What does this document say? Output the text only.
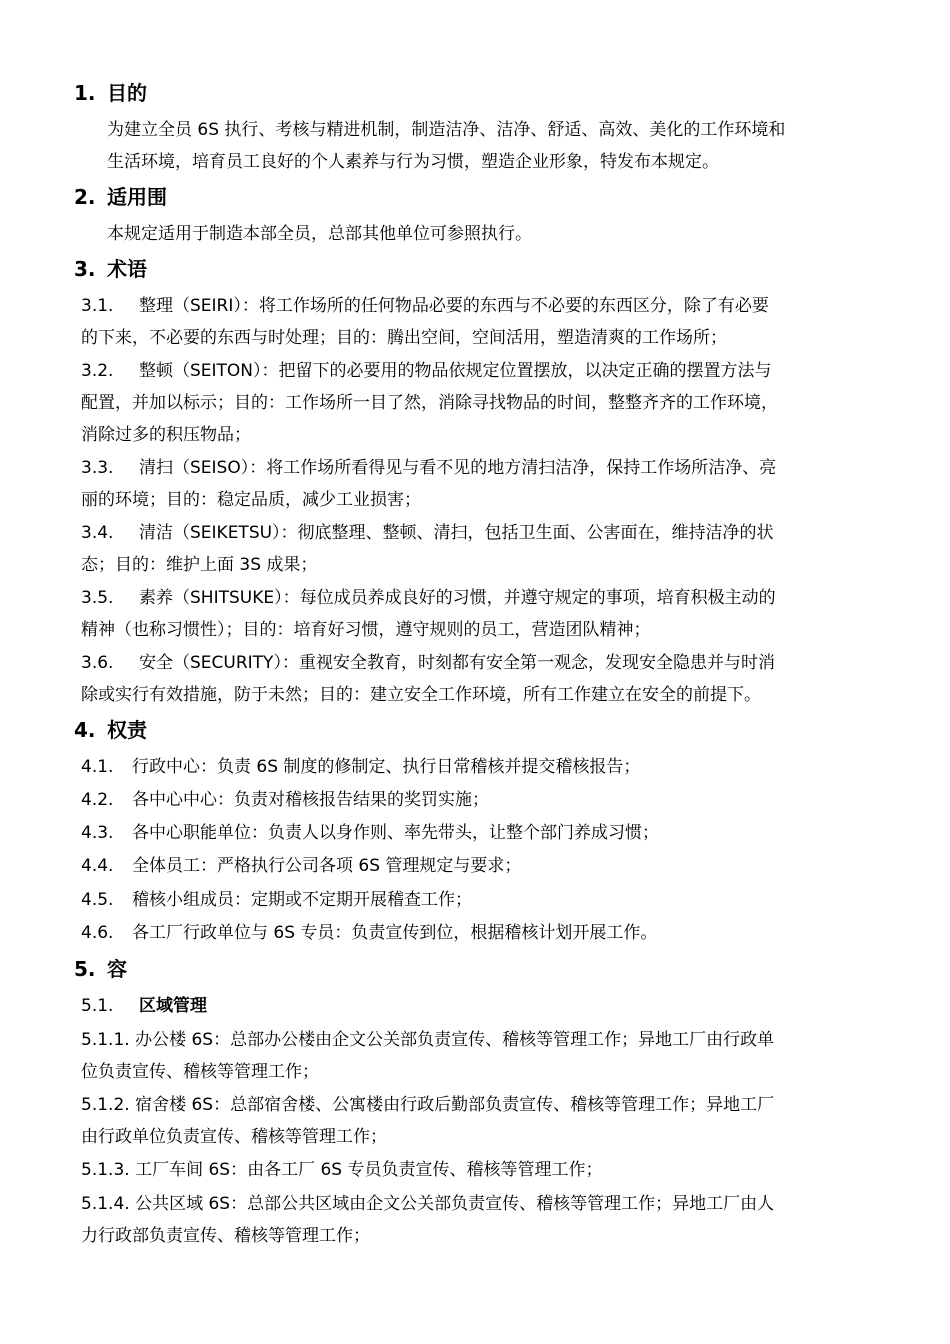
1. 目的
为建立全员 6S 执行、考核与精进机制，制造洁净、洁净、舒适、高效、美化的工作环境和
生活环境，培育员工良好的个人素养与行为习惯，塑造企业形象，特发布本规定。
2. 适用围
本规定适用于制造本部全员，总部其他单位可参照执行。
3. 术语
3.1. 整理（SEIRI）：将工作场所的任何物品必要的东西与不必要的东西区分，除了有必要
的下来，不必要的东西与时处理；目的：腾出空间，空间活用，塑造清爽的工作场所；
3.2. 整顿（SEITON）：把留下的必要用的物品依规定位置摆放，以决定正确的摆置方法与
配置，并加以标示；目的：工作场所一目了然，消除寻找物品的时间，整整齐齐的工作环境，
消除过多的积压物品；
3.3. 清扫（SEISO）：将工作场所看得见与看不见的地方清扫洁净，保持工作场所洁净、亮
丽的环境；目的：稳定品质，减少工业损害；
3.4. 清洁（SEIKETSU）：彻底整理、整顿、清扫，包括卫生面、公害面在，维持洁净的状
态；目的：维护上面 3S 成果；
3.5. 素养（SHITSUKE）：每位成员养成良好的习惯，并遵守规定的事项，培育积极主动的
精神（也称习惯性）；目的：培育好习惯，遵守规则的员工，营造团队精神；
3.6. 安全（SECURITY）：重视安全教育，时刻都有安全第一观念，发现安全隐患并与时消
除或实行有效措施，防于未然；目的：建立安全工作环境，所有工作建立在安全的前提下。
4. 权责
4.1. 行政中心：负责 6S 制度的修制定、执行日常稽核并提交稽核报告；
4.2. 各中心中心：负责对稽核报告结果的奖罚实施；
4.3. 各中心职能单位：负责人以身作则、率先带头，让整个部门养成习惯；
4.4. 全体员工：严格执行公司各项 6S 管理规定与要求；
4.5. 稽核小组成员：定期或不定期开展稽查工作；
4.6. 各工厂行政单位与 6S 专员：负责宣传到位，根据稽核计划开展工作。
5. 容
5.1. 区域管理
5.1.1. 办公楼 6S：总部办公楼由企文公关部负责宣传、稽核等管理工作；异地工厂由行政单
位负责宣传、稽核等管理工作；
5.1.2. 宿舍楼 6S：总部宿舍楼、公寓楼由行政后勤部负责宣传、稽核等管理工作；异地工厂
由行政单位负责宣传、稽核等管理工作；
5.1.3. 工厂车间 6S：由各工厂 6S 专员负责宣传、稽核等管理工作；
5.1.4. 公共区域 6S：总部公共区域由企文公关部负责宣传、稽核等管理工作；异地工厂由人
力行政部负责宣传、稽核等管理工作；
